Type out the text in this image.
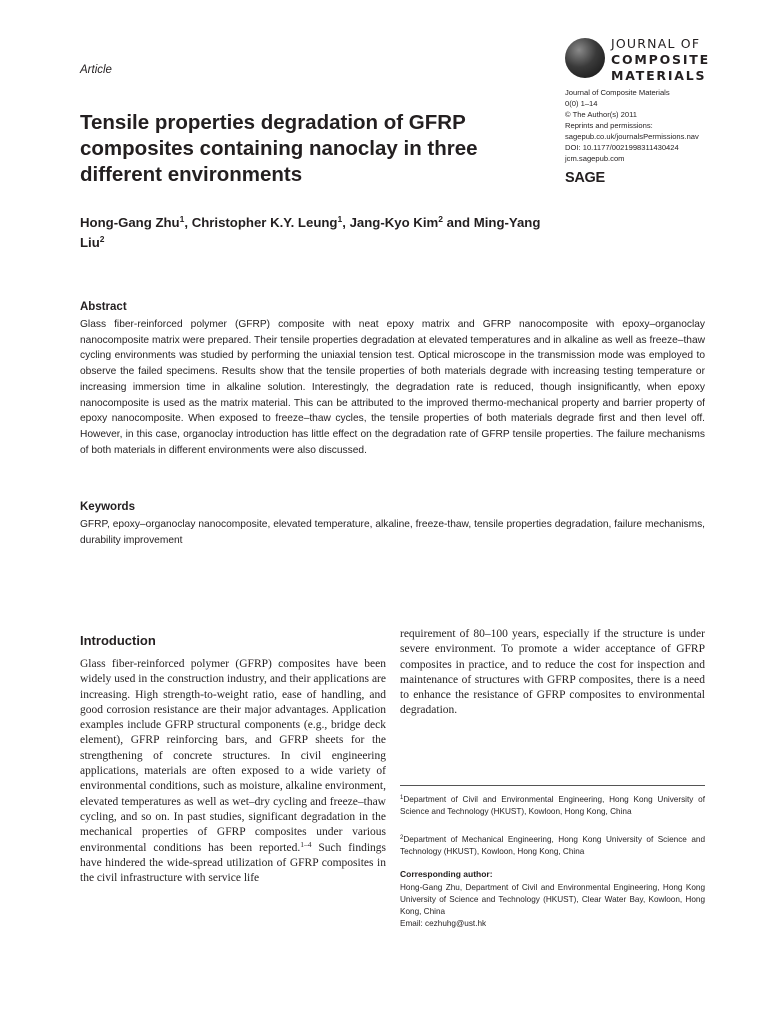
Article
JOURNAL OF
COMPOSITE
MATERIALS
Journal of Composite Materials
0(0) 1–14
© The Author(s) 2011
Reprints and permissions:
sagepub.co.uk/journalsPermissions.nav
DOI: 10.1177/0021998311430424
jcm.sagepub.com
SAGE
Tensile properties degradation of GFRP composites containing nanoclay in three different environments
Hong-Gang Zhu$^1$, Christopher K.Y. Leung$^1$, Jang-Kyo Kim$^2$ and Ming-Yang Liu$^2$
Abstract

Glass fiber-reinforced polymer (GFRP) composite with neat epoxy matrix and GFRP nanocomposite with epoxy–organoclay nanocomposite matrix were prepared. Their tensile properties degradation at elevated temperatures and in alkaline as well as freeze–thaw cycling environments was studied by performing the uniaxial tension test. Optical microscope in the transmission mode was employed to observe the failed specimens. Results show that the tensile properties of both materials degrade with increasing testing temperature or increasing immersion time in alkaline solution. Interestingly, the degradation rate is reduced, though insignificantly, when epoxy nanocomposite is used as the matrix material. This can be attributed to the improved thermo-mechanical property and barrier property of epoxy nanocomposite. When exposed to freeze–thaw cycles, the tensile properties of both materials degrade first and then level off. However, in this case, organoclay introduction has little effect on the degradation rate of GFRP tensile properties. The failure mechanisms of both materials in different environments were also discussed.

Keywords

GFRP, epoxy–organoclay nanocomposite, elevated temperature, alkaline, freeze-thaw, tensile properties degradation, failure mechanisms, durability improvement

Introduction

Glass fiber-reinforced polymer (GFRP) composites have been widely used in the construction industry, and their applications are increasing. High strength-to-weight ratio, ease of handling, and good corrosion resistance are their major advantages. Application examples include GFRP structural components (e.g., bridge deck element), GFRP reinforcing bars, and GFRP sheets for the strengthening of concrete structures. In civil engineering applications, materials are often exposed to a wide variety of environmental conditions, such as moisture, alkaline environment, elevated temperatures as well as wet–dry cycling and freeze–thaw cycling, and so on. In past studies, significant degradation in the mechanical properties of GFRP composites under various environmental conditions has been reported.$^{1-4}$ Such findings have hindered the wide-spread utilization of GFRP composites in the civil infrastructure with service life

requirement of 80–100 years, especially if the structure is under severe environment. To promote a wider acceptance of GFRP composites in practice, and to reduce the cost for inspection and maintenance of structures with GFRP composites, there is a need to enhance the resistance of GFRP composites to environmental degradation.

$^1$Department of Civil and Environmental Engineering, Hong Kong University of Science and Technology (HKUST), Kowloon, Hong Kong, China

$^2$Department of Mechanical Engineering, Hong Kong University of Science and Technology (HKUST), Kowloon, Hong Kong, China

Corresponding author:

Hong-Gang Zhu, Department of Civil and Environmental Engineering, Hong Kong University of Science and Technology (HKUST), Clear Water Bay, Kowloon, Hong Kong, China

Email: cezhuhg@ust.hk
